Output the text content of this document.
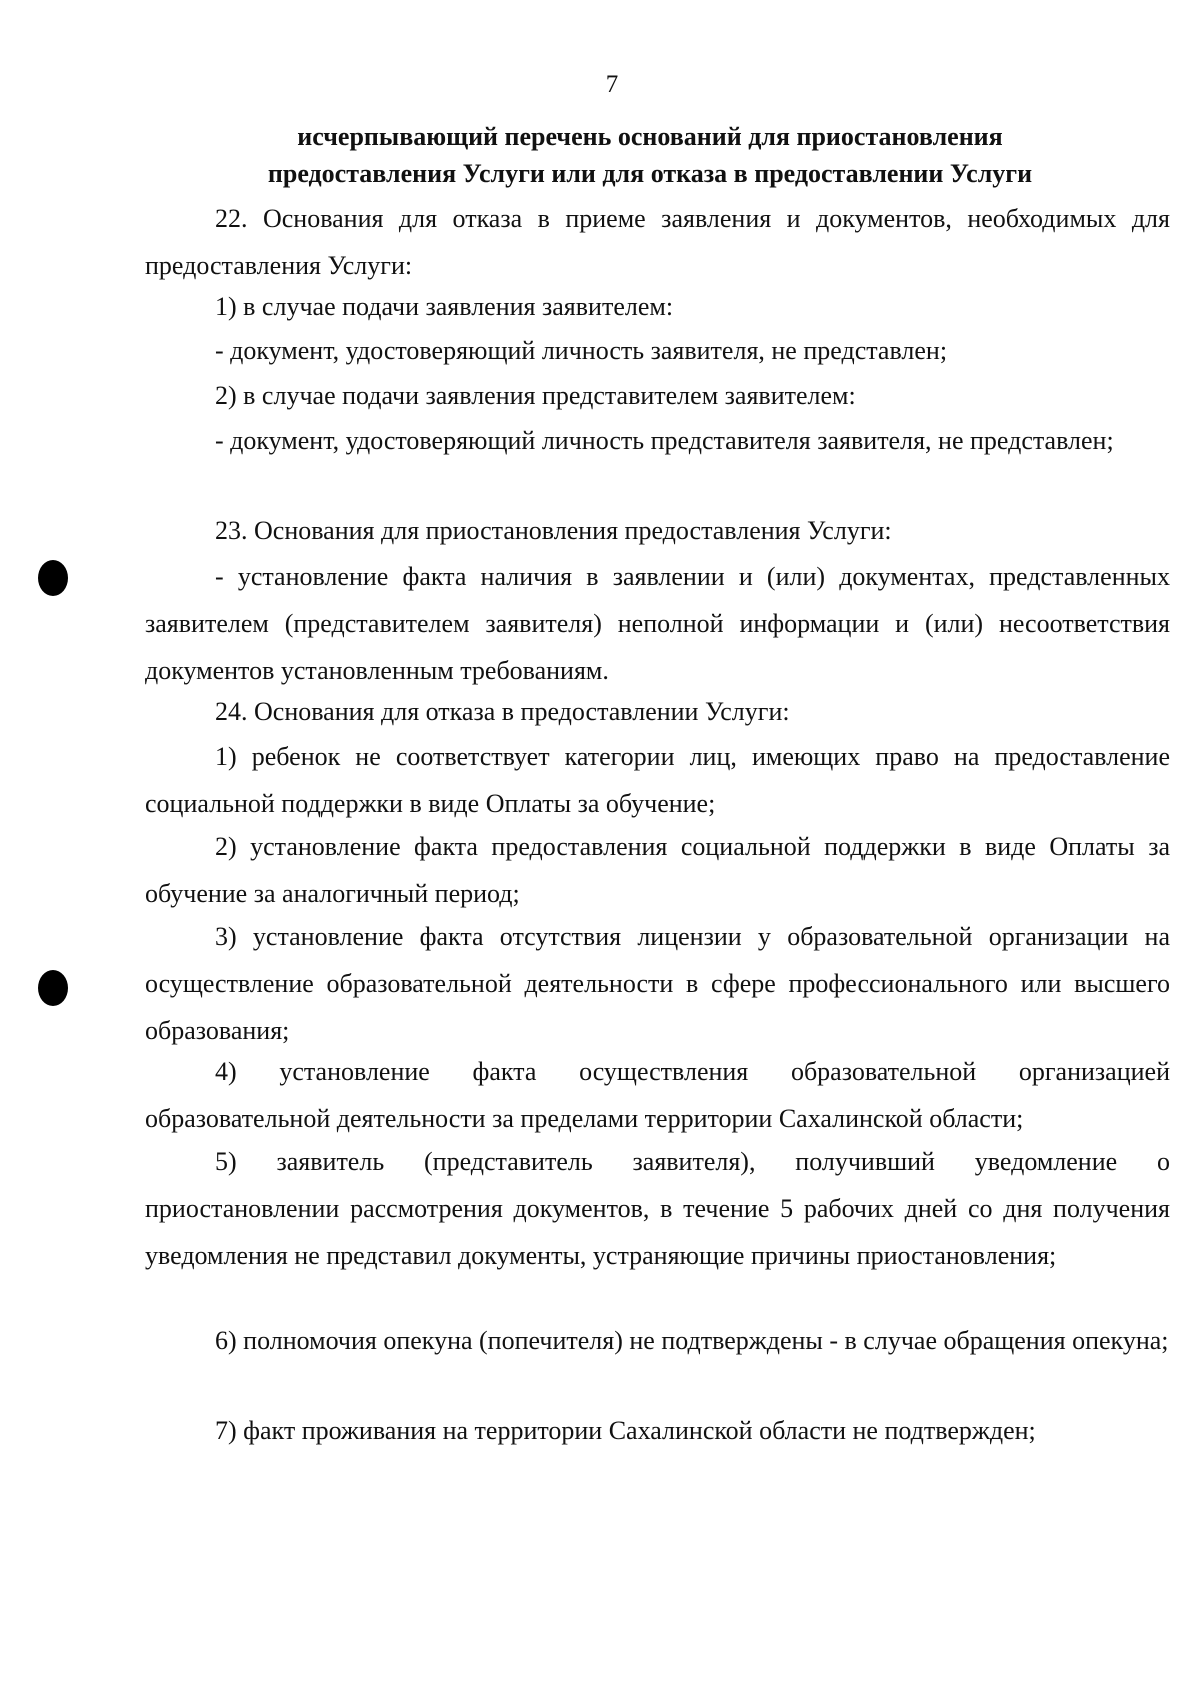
7
исчерпывающий перечень оснований для приостановления
предоставления Услуги или для отказа в предоставлении Услуги

22. Основания для отказа в приеме заявления и документов, необходимых для предоставления Услуги:

1) в случае подачи заявления заявителем:

- документ, удостоверяющий личность заявителя, не представлен;

2) в случае подачи заявления представителем заявителем:

- документ, удостоверяющий личность представителя заявителя, не представлен;

23. Основания для приостановления предоставления Услуги:

- установление факта наличия в заявлении и (или) документах, представленных заявителем (представителем заявителя) неполной информации и (или) несоответствия документов установленным требованиям.

24. Основания для отказа в предоставлении Услуги:

1) ребенок не соответствует категории лиц, имеющих право на предоставление социальной поддержки в виде Оплаты за обучение;

2) установление факта предоставления социальной поддержки в виде Оплаты за обучение за аналогичный период;

3) установление факта отсутствия лицензии у образовательной организации на осуществление образовательной деятельности в сфере профессионального или высшего образования;

4) установление факта осуществления образовательной организацией образовательной деятельности за пределами территории Сахалинской области;

5) заявитель (представитель заявителя), получивший уведомление о приостановлении рассмотрения документов, в течение 5 рабочих дней со дня получения уведомления не представил документы, устраняющие причины приостановления;

6) полномочия опекуна (попечителя) не подтверждены - в случае обращения опекуна;

7) факт проживания на территории Сахалинской области не подтвержден;
